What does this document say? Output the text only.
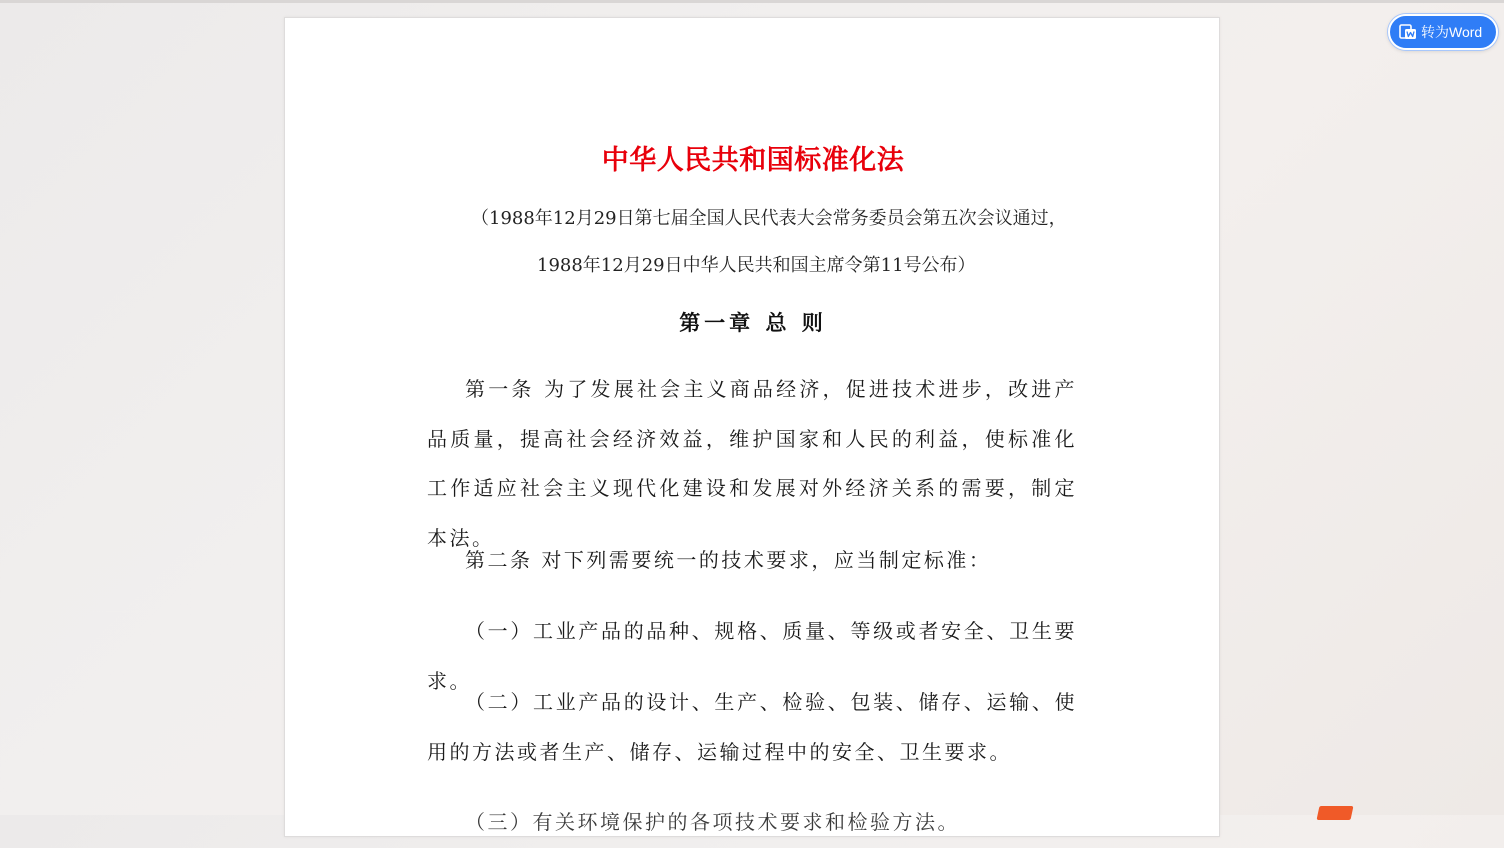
中华人民共和国标准化法
（1988年12月29日第七届全国人民代表大会常务委员会第五次会议通过，
1988年12月29日中华人民共和国主席令第11号公布）
第一章 总 则

第一条 为了发展社会主义商品经济，促进技术进步，改进产品质量，提高社会经济效益，维护国家和人民的利益，使标准化工作适应社会主义现代化建设和发展对外经济关系的需要，制定本法。

第二条 对下列需要统一的技术要求，应当制定标准：

（一）工业产品的品种、规格、质量、等级或者安全、卫生要求。

（二）工业产品的设计、生产、检验、包装、储存、运输、使用的方法或者生产、储存、运输过程中的安全、卫生要求。

（三）有关环境保护的各项技术要求和检验方法。

转为Word
